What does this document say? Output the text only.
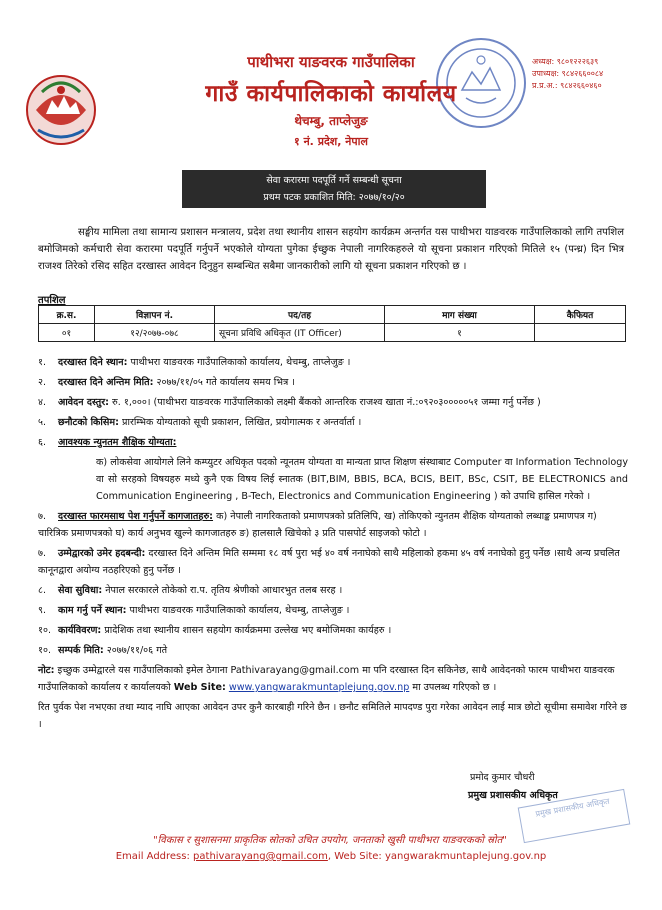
अध्यक्ष: ९८०१२२२६३९
उपाध्यक्ष: ९८४२६६००८४
प्र.प्र.अ.: ९८४२६६०४६०
पाथीभरा याङवरक गाउँपालिका
गाउँ कार्यपालिकाको कार्यालय
थेचम्बु, ताप्लेजुङ
१ नं. प्रदेश, नेपाल
सेवा करारमा पदपूर्ति गर्ने सम्बन्धी सूचना
प्रथम पटक प्रकाशित मिति: २०७७/१०/२०

सङ्घीय मामिला तथा सामान्य प्रशासन मन्त्रालय, प्रदेश तथा स्थानीय शासन सहयोग कार्यक्रम अन्तर्गत यस पाथीभरा याङवरक गाउँपालिकाको लागि तपशिल बमोजिमको कर्मचारी सेवा करारमा पदपूर्ति गर्नुपर्ने भएकोले योग्यता पुगेका ईच्छुक नेपाली नागरिकहरुले यो सूचना प्रकाशन गरिएको मितिले १५ (पन्ध्र) दिन भित्र राजश्व तिरेको रसिद सहित दरखास्त आवेदन दिनुहुन सम्बन्धित सबैमा जानकारीको लागि यो सूचना प्रकाशन गरिएको छ ।

तपशिल
क्र.स.	विज्ञापन नं.	पद/तह	माग संख्या	कैफियत
०१	१२/२०७७-०७८	सूचना प्रविधि अधिकृत (IT Officer)	१	
१. दरखास्त दिने स्थान: पाथीभरा याङवरक गाउँपालिकाको कार्यालय, थेचम्बु, ताप्लेजुङ ।
२. दरखास्त दिने अन्तिम मिति: २०७७/११/०५ गते कार्यालय समय भित्र ।
४. आवेदन दस्तुर: रु. १,०००। (पाथीभरा याङवरक गाउँपालिकाको लक्ष्मी बैंकको आन्तरिक राजश्व खाता नं.:०९२०३०००००५१ जम्मा गर्नु पर्नेछ )
५. छनौटको किसिम: प्रारम्भिक योग्यताको सूची प्रकाशन, लिखित, प्रयोगात्मक र अन्तर्वार्ता ।
६. आवश्यक न्युनतम शैक्षिक योग्यता:
क) लोकसेवा आयोगले लिने कम्प्युटर अधिकृत पदको न्यूनतम योग्यता वा मान्यता प्राप्त शिक्षण संस्थाबाट Computer वा Information Technology वा सो सरहको विषयहरु मध्ये कुनै एक विषय लिई स्नातक (BIT,BIM, BBIS, BCA, BCIS, BEIT, BSc, CSIT, BE ELECTRONICS and Communication Engineering , B-Tech, Electronics and Communication Engineering ) को उपाधि हासिल गरेको ।
७. दरखास्त फारमसाथ पेश गर्नुपर्ने कागजातहरु: क) नेपाली नागरिकताको प्रमाणपत्रको प्रतिलिपि, ख) तोकिएको न्युनतम शैक्षिक योग्यताको लब्धाङ्क प्रमाणपत्र ग) चारित्रिक प्रमाणपत्रको घ) कार्य अनुभव खुल्ने कागजातहरु ङ) हालसालै खिचेको ३ प्रति पासपोर्ट साइजको फोटो ।
७. उम्मेद्वारको उमेर हदबन्दी: दरखास्त दिने अन्तिम मिति सम्ममा १८ वर्ष पुरा भई ४० वर्ष ननाघेको साथै महिलाको हकमा ४५ वर्ष ननाघेको हुनु पर्नेछ ।साथै अन्य प्रचलित कानूनद्वारा अयोग्य नठहरिएको हुनु पर्नेछ ।
८. सेवा सुविधा: नेपाल सरकारले तोकेको रा.प. तृतिय श्रेणीको आधारभुत तलब सरह ।
९. काम गर्नु पर्ने स्थान: पाथीभरा याङवरक गाउँपालिकाको कार्यालय, थेचम्बु, ताप्लेजुङ ।
१०. कार्यविवरण: प्रादेशिक तथा स्थानीय शासन सहयोग कार्यक्रममा उल्लेख भए बमोजिमका कार्यहरु ।
१०. सम्पर्क मिति: २०७७/११/०६ गते
नोट: इच्छुक उम्मेद्वारले यस गाउँपालिकाको इमेल ठेगाना Pathivarayang@gmail.com मा पनि दरखास्त दिन सकिनेछ, साथै आवेदनको फारम पाथीभरा याङवरक गाउँपालिकाको कार्यालय र कार्यालयको Web Site: www.yangwarakmuntaplejung.gov.np मा उपलब्ध गरिएको छ ।
रित पुर्वक पेश नभएका तथा म्याद नाघि आएका आवेदन उपर कुनै कारबाही गरिने छैन । छनौट समितिले मापदण्ड पुरा गरेका आवेदन लाई मात्र छोटो सूचीमा समावेश गरिने छ ।
प्रमोद कुमार चौधरी
प्रमुख प्रशासकीय अधिकृत
प्रमुख प्रशासकीय अधिकृत
"विकास र सुशासनमा प्राकृतिक स्रोतको उचित उपयोग, जनताको खुसी पाथीभरा याङवरकको स्रोत"
Email Address: pathivarayang@gmail.com, Web Site: yangwarakmuntaplejung.gov.np
